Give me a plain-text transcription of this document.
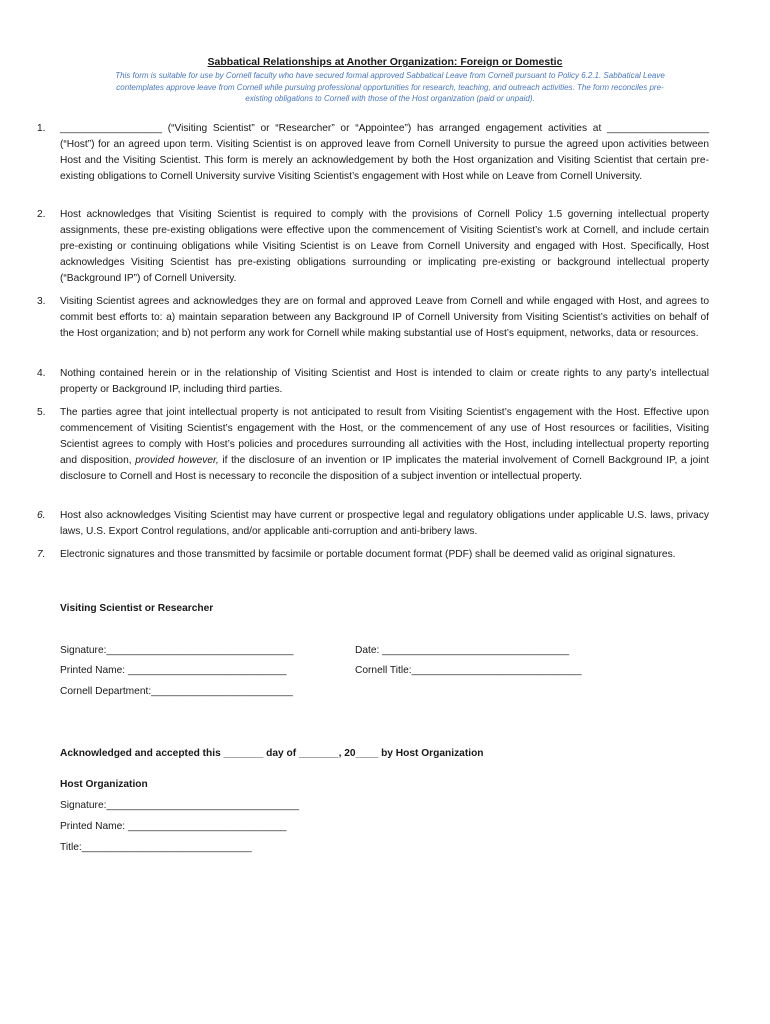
Sabbatical Relationships at Another Organization: Foreign or Domestic
This form is suitable for use by Cornell faculty who have secured formal approved Sabbatical Leave from Cornell pursuant to Policy 6.2.1. Sabbatical Leave contemplates approve leave from Cornell while pursuing professional opportunities for research, teaching, and outreach activities. The form reconciles pre-existing obligations to Cornell with those of the Host organization (paid or unpaid).
1.	__________________ (“Visiting Scientist” or “Researcher” or “Appointee”) has arranged engagement activities at __________________ (“Host”) for an agreed upon term. Visiting Scientist is on approved leave from Cornell University to pursue the agreed upon activities between Host and the Visiting Scientist. This form is merely an acknowledgement by both the Host organization and Visiting Scientist that certain pre-existing obligations to Cornell University survive Visiting Scientist’s engagement with Host while on Leave from Cornell University.
2.	Host acknowledges that Visiting Scientist is required to comply with the provisions of Cornell Policy 1.5 governing intellectual property assignments, these pre-existing obligations were effective upon the commencement of Visiting Scientist’s work at Cornell, and include certain pre-existing or continuing obligations while Visiting Scientist is on Leave from Cornell University and engaged with Host. Specifically, Host acknowledges Visiting Scientist has pre-existing obligations surrounding or implicating pre-existing or background intellectual property (“Background IP”) of Cornell University.
3.	Visiting Scientist agrees and acknowledges they are on formal and approved Leave from Cornell and while engaged with Host, and agrees to commit best efforts to: a) maintain separation between any Background IP of Cornell University from Visiting Scientist’s activities on behalf of the Host organization; and b) not perform any work for Cornell while making substantial use of Host’s equipment, networks, data or resources.
4.	Nothing contained herein or in the relationship of Visiting Scientist and Host is intended to claim or create rights to any party’s intellectual property or Background IP, including third parties.
5.	The parties agree that joint intellectual property is not anticipated to result from Visiting Scientist’s engagement with the Host. Effective upon commencement of Visiting Scientist’s engagement with the Host, or the commencement of any use of Host resources or facilities, Visiting Scientist agrees to comply with Host’s policies and procedures surrounding all activities with the Host, including intellectual property reporting and disposition, provided however, if the disclosure of an invention or IP implicates the material involvement of Cornell Background IP, a joint disclosure to Cornell and Host is necessary to reconcile the disposition of a subject invention or intellectual property.
6.	Host also acknowledges Visiting Scientist may have current or prospective legal and regulatory obligations under applicable U.S. laws, privacy laws, U.S. Export Control regulations, and/or applicable anti-corruption and anti-bribery laws.
7.	Electronic signatures and those transmitted by facsimile or portable document format (PDF) shall be deemed valid as original signatures.
Visiting Scientist or Researcher
Signature:_________________________________	Date: _________________________________
Printed Name: ____________________________	Cornell Title:______________________________
Cornell Department:_________________________
Acknowledged and accepted this _______ day of _______, 20____ by Host Organization
Host Organization
Signature:__________________________________
Printed Name: ____________________________
Title:______________________________
